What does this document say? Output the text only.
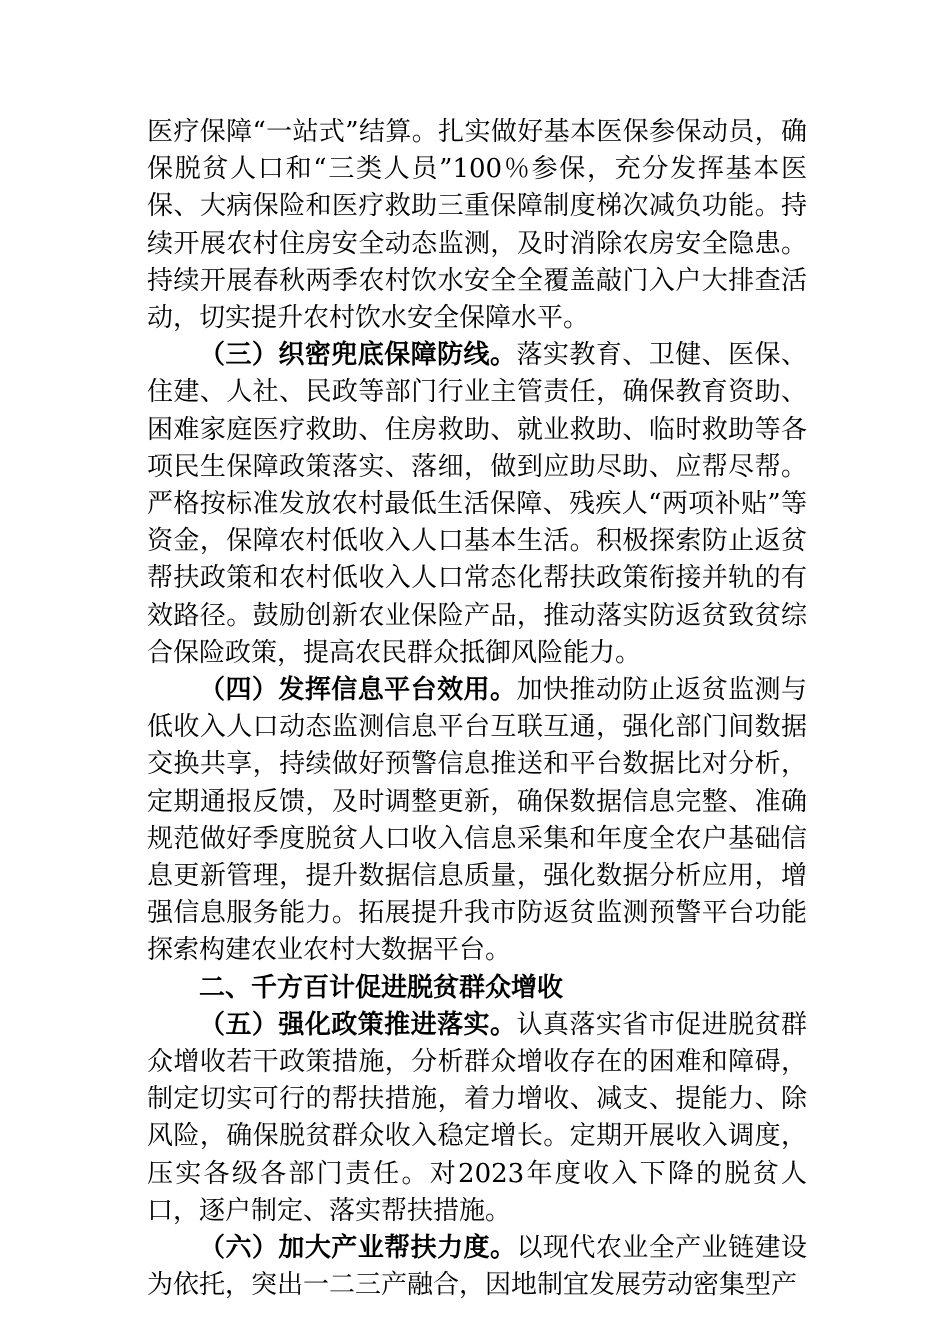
医疗保障“一站式”结算。扎实做好基本医保参保动员，确保脱贫人口和“三类人员”100％参保，充分发挥基本医保、大病保险和医疗救助三重保障制度梯次减负功能。持续开展农村住房安全动态监测，及时消除农房安全隐患。持续开展春秋两季农村饮水安全全覆盖敲门入户大排查活动，切实提升农村饮水安全保障水平。

（三）织密兜底保障防线。落实教育、卫健、医保、住建、人社、民政等部门行业主管责任，确保教育资助、困难家庭医疗救助、住房救助、就业救助、临时救助等各项民生保障政策落实、落细，做到应助尽助、应帮尽帮。严格按标准发放农村最低生活保障、残疾人“两项补贴”等资金，保障农村低收入人口基本生活。积极探索防止返贫帮扶政策和农村低收入人口常态化帮扶政策衔接并轨的有效路径。鼓励创新农业保险产品，推动落实防返贫致贫综合保险政策，提高农民群众抵御风险能力。

（四）发挥信息平台效用。加快推动防止返贫监测与低收入人口动态监测信息平台互联互通，强化部门间数据交换共享，持续做好预警信息推送和平台数据比对分析，定期通报反馈，及时调整更新，确保数据信息完整、准确规范做好季度脱贫人口收入信息采集和年度全农户基础信息更新管理，提升数据信息质量，强化数据分析应用，增强信息服务能力。拓展提升我市防返贫监测预警平台功能探索构建农业农村大数据平台。

二、千方百计促进脱贫群众增收

（五）强化政策推进落实。认真落实省市促进脱贫群众增收若干政策措施，分析群众增收存在的困难和障碍，制定切实可行的帮扶措施，着力增收、减支、提能力、除风险，确保脱贫群众收入稳定增长。定期开展收入调度，压实各级各部门责任。对2023年度收入下降的脱贫人口，逐户制定、落实帮扶措施。

（六）加大产业帮扶力度。以现代农业全产业链建设为依托，突出一二三产融合，因地制宜发展劳动密集型产
